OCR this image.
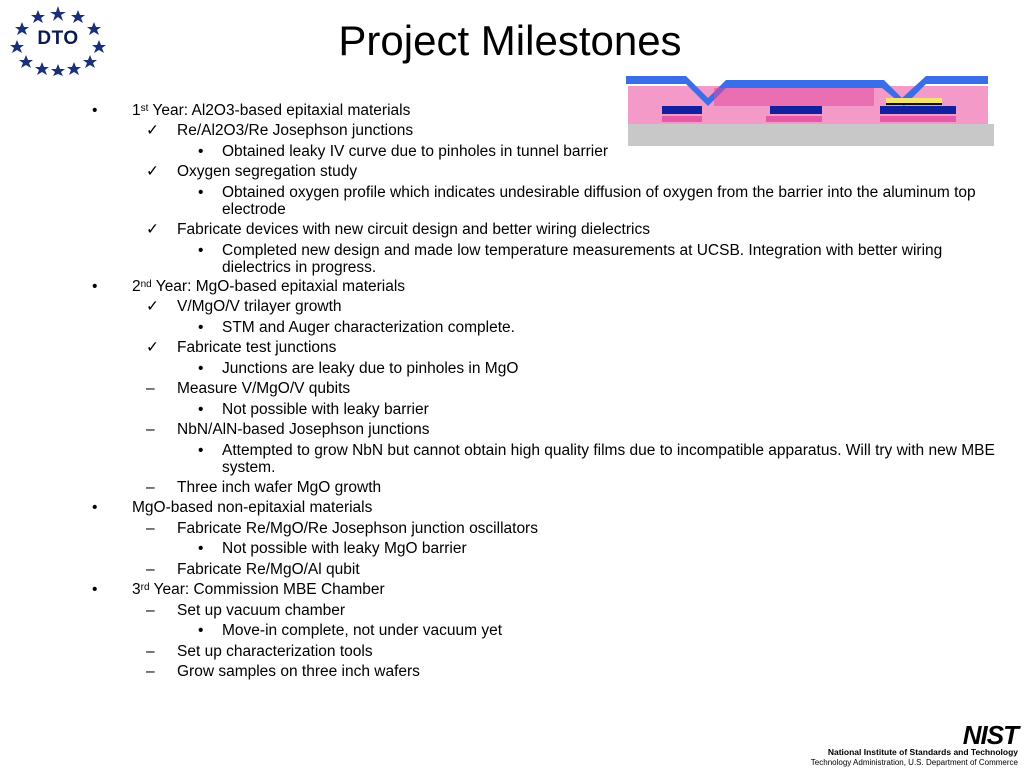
DTO	Project Milestones
• 1st Year: Al2O3-based epitaxial materials
✓ Re/Al2O3/Re Josephson junctions
• Obtained leaky IV curve due to pinholes in tunnel barrier
✓ Oxygen segregation study
• Obtained oxygen profile which indicates undesirable diffusion of oxygen from the barrier into the aluminum top electrode
✓ Fabricate devices with new circuit design and better wiring dielectrics
• Completed new design and made low temperature measurements at UCSB. Integration with better wiring dielectrics in progress.
• 2nd Year: MgO-based epitaxial materials
✓ V/MgO/V trilayer growth
• STM and Auger characterization complete.
✓ Fabricate test junctions
• Junctions are leaky due to pinholes in MgO
– Measure V/MgO/V qubits
• Not possible with leaky barrier
– NbN/AlN-based Josephson junctions
• Attempted to grow NbN but cannot obtain high quality films due to incompatible apparatus. Will try with new MBE system.
– Three inch wafer MgO growth
• MgO-based non-epitaxial materials
– Fabricate Re/MgO/Re Josephson junction oscillators
• Not possible with leaky MgO barrier
– Fabricate Re/MgO/Al qubit
• 3rd Year: Commission MBE Chamber
– Set up vacuum chamber
• Move-in complete, not under vacuum yet
– Set up characterization tools
– Grow samples on three inch wafers
NIST
National Institute of Standards and Technology
Technology Administration, U.S. Department of Commerce
